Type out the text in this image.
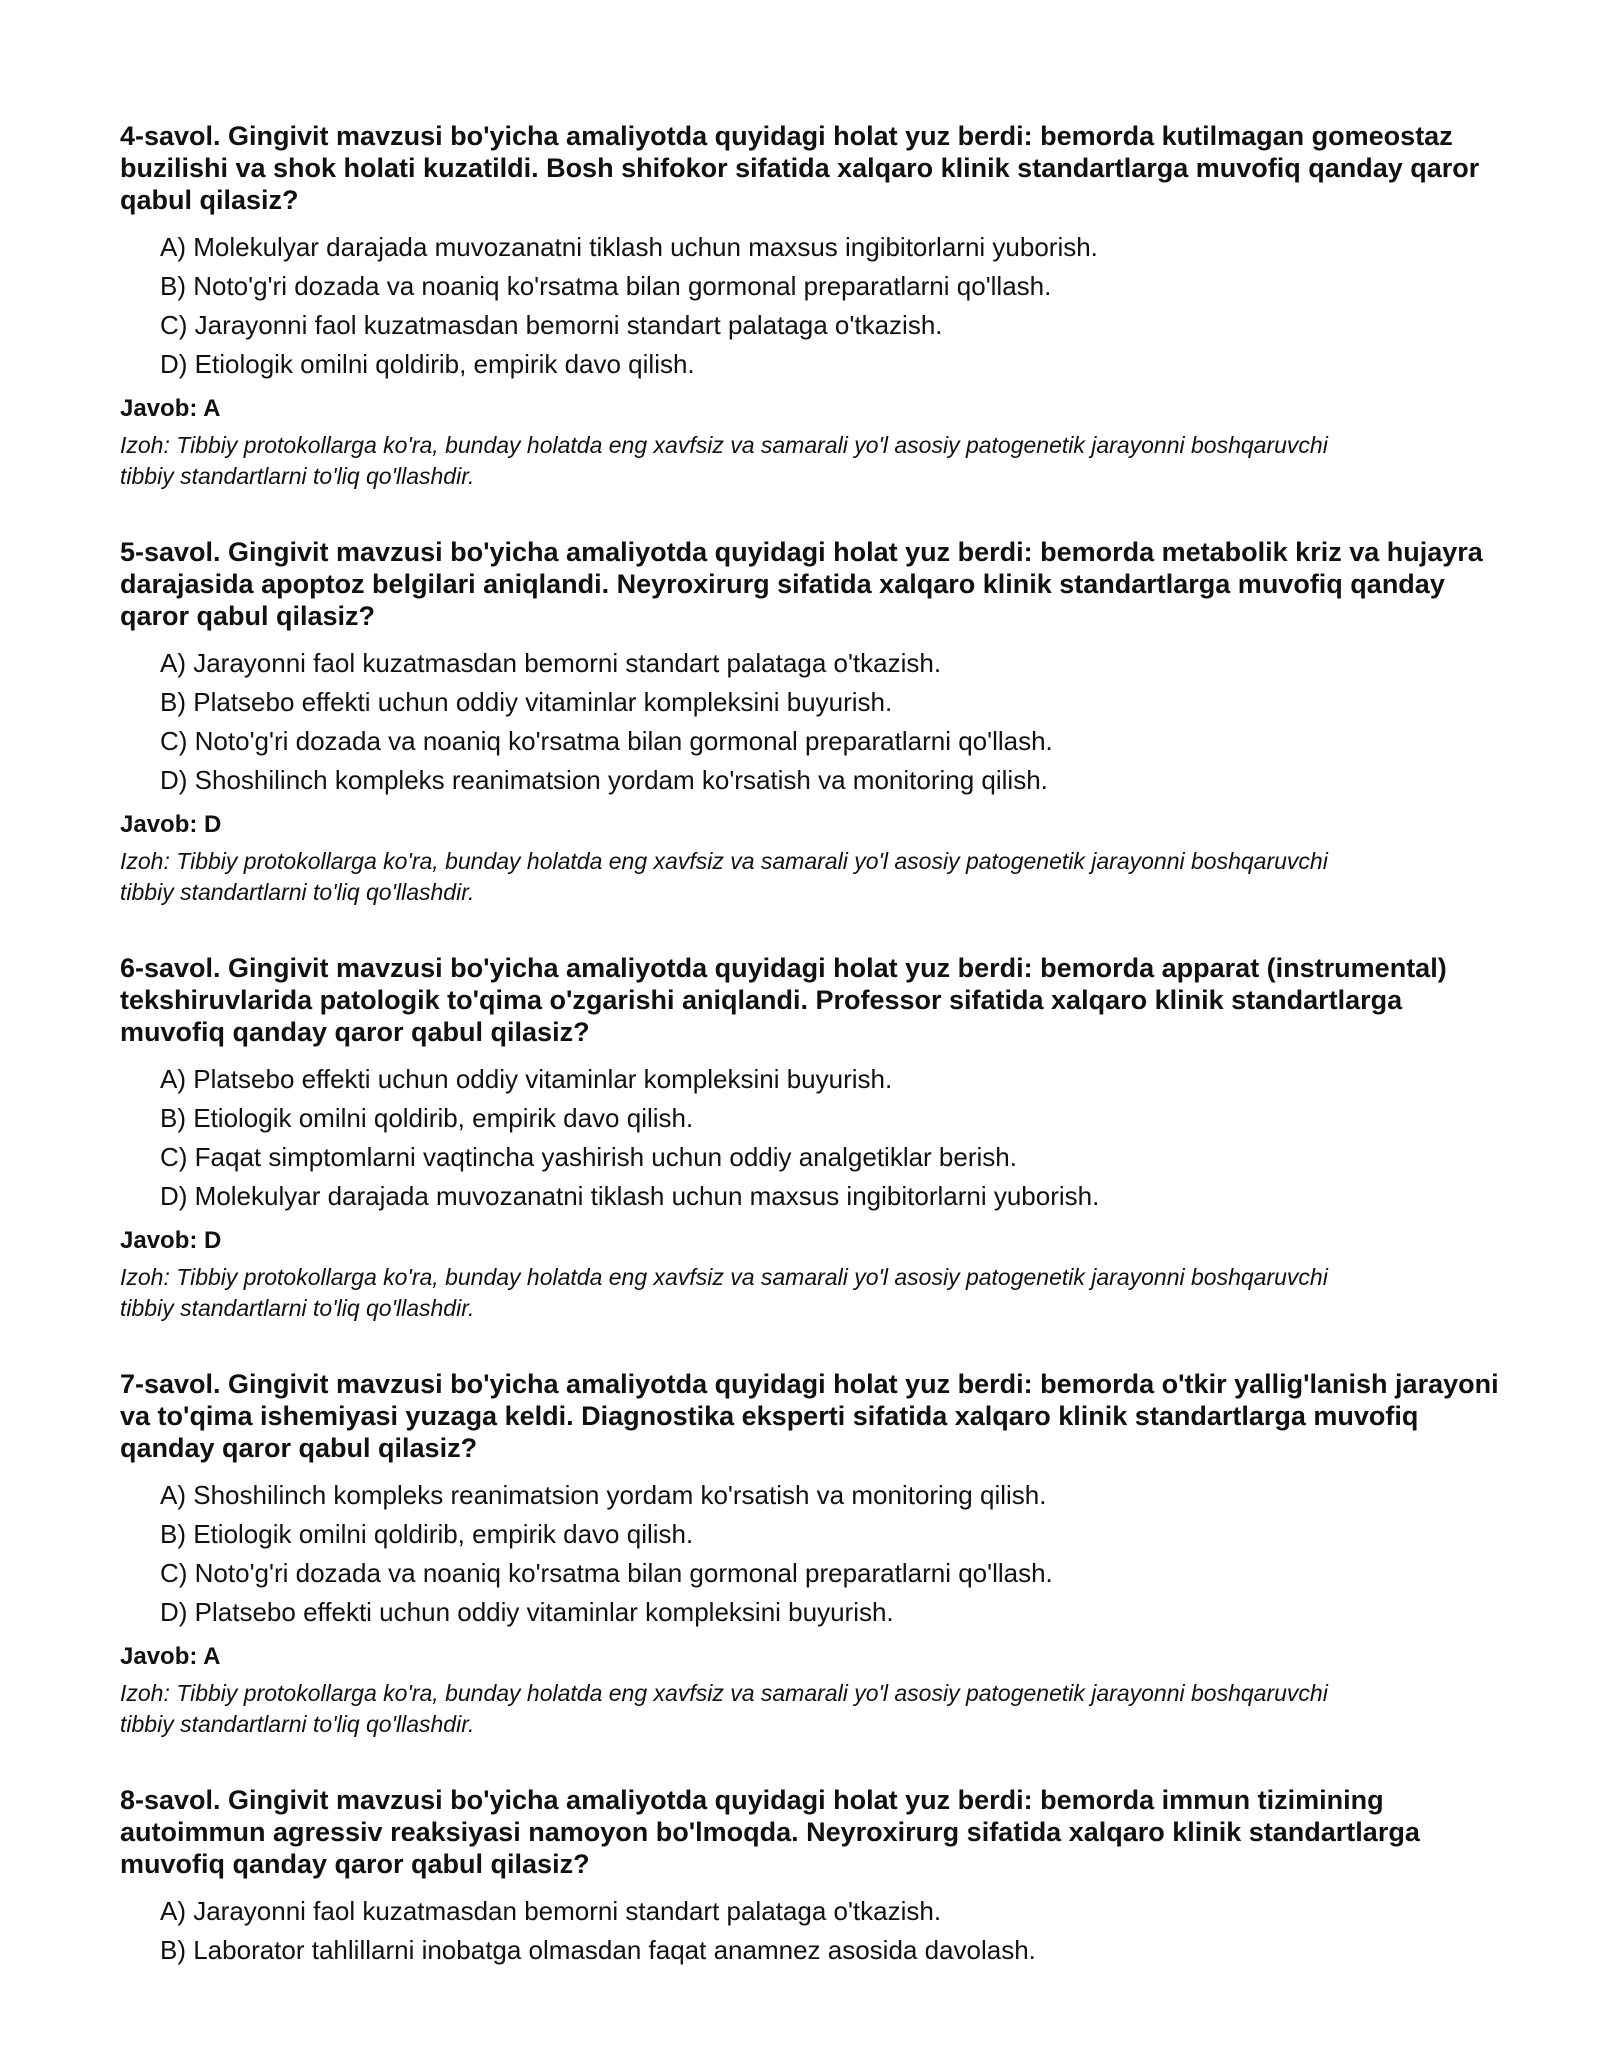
4-savol. Gingivit mavzusi bo'yicha amaliyotda quyidagi holat yuz berdi: bemorda kutilmagan gomeostaz buzilishi va shok holati kuzatildi. Bosh shifokor sifatida xalqaro klinik standartlarga muvofiq qanday qaror qabul qilasiz?

A) Molekulyar darajada muvozanatni tiklash uchun maxsus ingibitorlarni yuborish.
B) Noto'g'ri dozada va noaniq ko'rsatma bilan gormonal preparatlarni qo'llash.
C) Jarayonni faol kuzatmasdan bemorni standart palataga o'tkazish.
D) Etiologik omilni qoldirib, empirik davo qilish.

Javob: A

Izoh: Tibbiy protokollarga ko'ra, bunday holatda eng xavfsiz va samarali yo'l asosiy patogenetik jarayonni boshqaruvchi tibbiy standartlarni to'liq qo'llashdir.

5-savol. Gingivit mavzusi bo'yicha amaliyotda quyidagi holat yuz berdi: bemorda metabolik kriz va hujayra darajasida apoptoz belgilari aniqlandi. Neyroxirurg sifatida xalqaro klinik standartlarga muvofiq qanday qaror qabul qilasiz?

A) Jarayonni faol kuzatmasdan bemorni standart palataga o'tkazish.
B) Platsebo effekti uchun oddiy vitaminlar kompleksini buyurish.
C) Noto'g'ri dozada va noaniq ko'rsatma bilan gormonal preparatlarni qo'llash.
D) Shoshilinch kompleks reanimatsion yordam ko'rsatish va monitoring qilish.

Javob: D

Izoh: Tibbiy protokollarga ko'ra, bunday holatda eng xavfsiz va samarali yo'l asosiy patogenetik jarayonni boshqaruvchi tibbiy standartlarni to'liq qo'llashdir.

6-savol. Gingivit mavzusi bo'yicha amaliyotda quyidagi holat yuz berdi: bemorda apparat (instrumental) tekshiruvlarida patologik to'qima o'zgarishi aniqlandi. Professor sifatida xalqaro klinik standartlarga muvofiq qanday qaror qabul qilasiz?

A) Platsebo effekti uchun oddiy vitaminlar kompleksini buyurish.
B) Etiologik omilni qoldirib, empirik davo qilish.
C) Faqat simptomlarni vaqtincha yashirish uchun oddiy analgetiklar berish.
D) Molekulyar darajada muvozanatni tiklash uchun maxsus ingibitorlarni yuborish.

Javob: D

Izoh: Tibbiy protokollarga ko'ra, bunday holatda eng xavfsiz va samarali yo'l asosiy patogenetik jarayonni boshqaruvchi tibbiy standartlarni to'liq qo'llashdir.

7-savol. Gingivit mavzusi bo'yicha amaliyotda quyidagi holat yuz berdi: bemorda o'tkir yallig'lanish jarayoni va to'qima ishemiyasi yuzaga keldi. Diagnostika eksperti sifatida xalqaro klinik standartlarga muvofiq qanday qaror qabul qilasiz?

A) Shoshilinch kompleks reanimatsion yordam ko'rsatish va monitoring qilish.
B) Etiologik omilni qoldirib, empirik davo qilish.
C) Noto'g'ri dozada va noaniq ko'rsatma bilan gormonal preparatlarni qo'llash.
D) Platsebo effekti uchun oddiy vitaminlar kompleksini buyurish.

Javob: A

Izoh: Tibbiy protokollarga ko'ra, bunday holatda eng xavfsiz va samarali yo'l asosiy patogenetik jarayonni boshqaruvchi tibbiy standartlarni to'liq qo'llashdir.

8-savol. Gingivit mavzusi bo'yicha amaliyotda quyidagi holat yuz berdi: bemorda immun tizimining autoimmun agressiv reaksiyasi namoyon bo'lmoqda. Neyroxirurg sifatida xalqaro klinik standartlarga muvofiq qanday qaror qabul qilasiz?

A) Jarayonni faol kuzatmasdan bemorni standart palataga o'tkazish.
B) Laborator tahlillarni inobatga olmasdan faqat anamnez asosida davolash.
